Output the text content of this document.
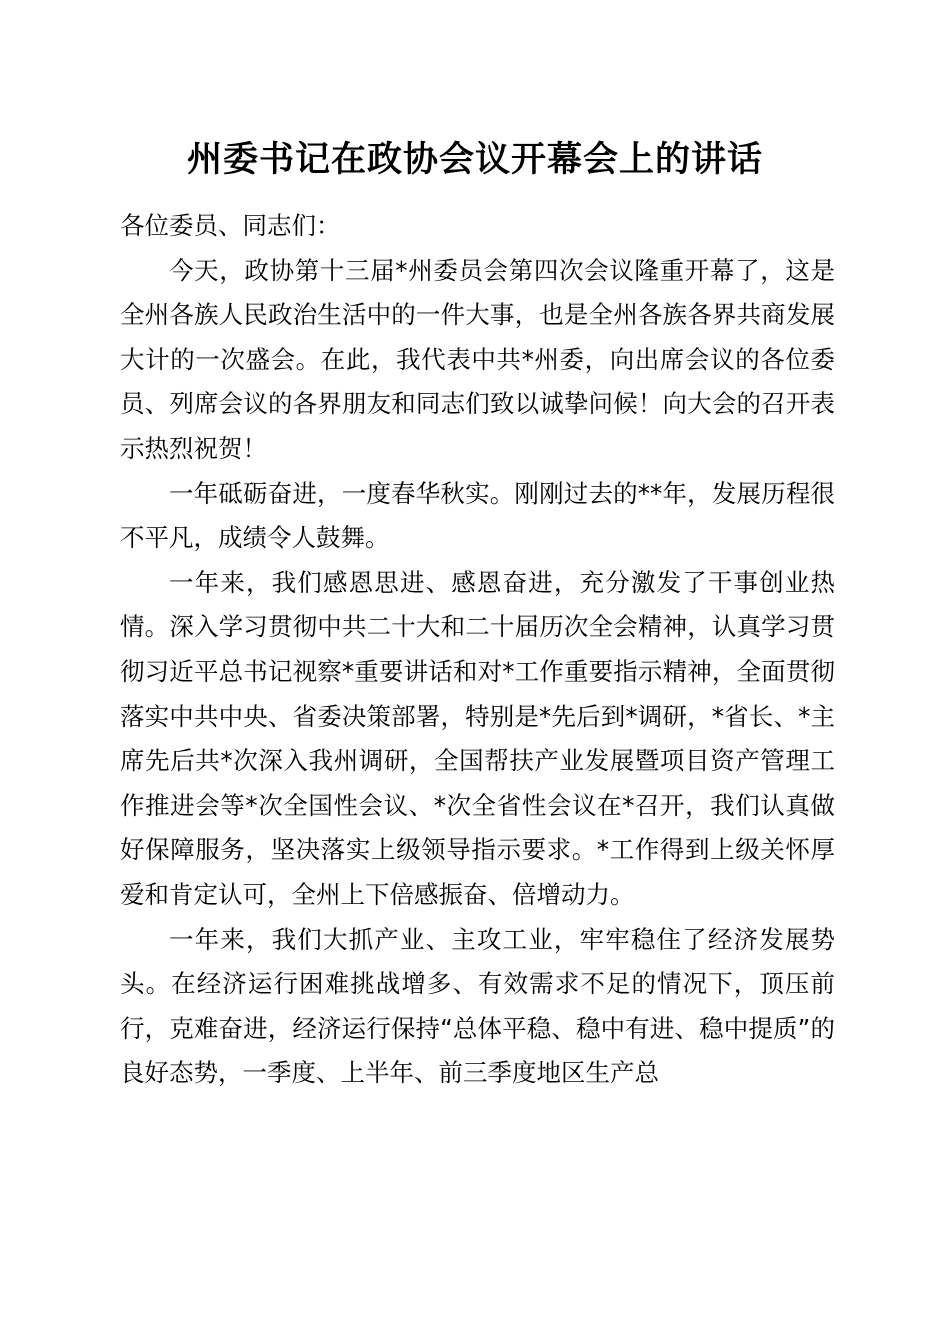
州委书记在政协会议开幕会上的讲话

各位委员、同志们：

今天，政协第十三届*州委员会第四次会议隆重开幕了，这是全州各族人民政治生活中的一件大事，也是全州各族各界共商发展大计的一次盛会。在此，我代表中共*州委，向出席会议的各位委员、列席会议的各界朋友和同志们致以诚挚问候！向大会的召开表示热烈祝贺！

一年砥砺奋进，一度春华秋实。刚刚过去的**年，发展历程很不平凡，成绩令人鼓舞。

一年来，我们感恩思进、感恩奋进，充分激发了干事创业热情。深入学习贯彻中共二十大和二十届历次全会精神，认真学习贯彻习近平总书记视察*重要讲话和对*工作重要指示精神，全面贯彻落实中共中央、省委决策部署，特别是*先后到*调研，*省长、*主席先后共*次深入我州调研，全国帮扶产业发展暨项目资产管理工作推进会等*次全国性会议、*次全省性会议在*召开，我们认真做好保障服务，坚决落实上级领导指示要求。*工作得到上级关怀厚爱和肯定认可，全州上下倍感振奋、倍增动力。

一年来，我们大抓产业、主攻工业，牢牢稳住了经济发展势头。在经济运行困难挑战增多、有效需求不足的情况下，顶压前行，克难奋进，经济运行保持“总体平稳、稳中有进、稳中提质”的良好态势，一季度、上半年、前三季度地区生产总
